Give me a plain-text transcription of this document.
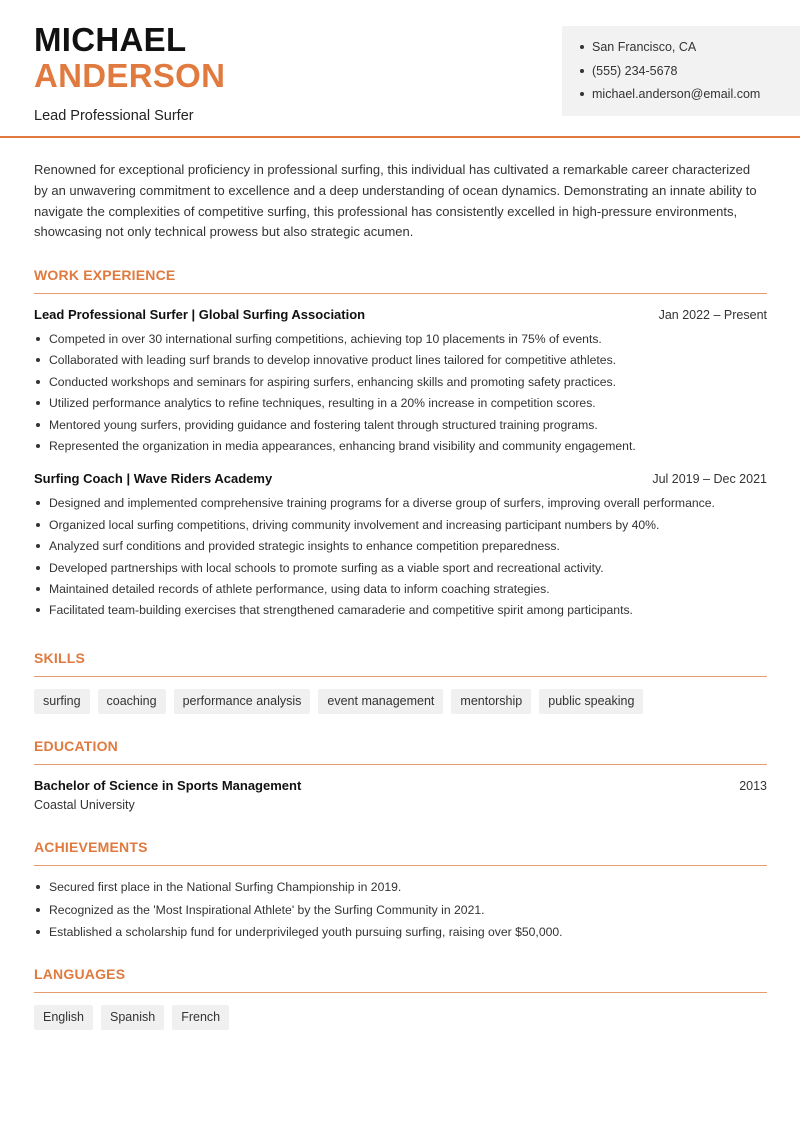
MICHAEL
ANDERSON
Lead Professional Surfer
San Francisco, CA
(555) 234-5678
michael.anderson@email.com

Renowned for exceptional proficiency in professional surfing, this individual has cultivated a remarkable career characterized by an unwavering commitment to excellence and a deep understanding of ocean dynamics. Demonstrating an innate ability to navigate the complexities of competitive surfing, this professional has consistently excelled in high-pressure environments, showcasing not only technical prowess but also strategic acumen.

WORK EXPERIENCE
Lead Professional Surfer | Global Surfing Association	Jan 2022 – Present
Competed in over 30 international surfing competitions, achieving top 10 placements in 75% of events.
Collaborated with leading surf brands to develop innovative product lines tailored for competitive athletes.
Conducted workshops and seminars for aspiring surfers, enhancing skills and promoting safety practices.
Utilized performance analytics to refine techniques, resulting in a 20% increase in competition scores.
Mentored young surfers, providing guidance and fostering talent through structured training programs.
Represented the organization in media appearances, enhancing brand visibility and community engagement.
Surfing Coach | Wave Riders Academy	Jul 2019 – Dec 2021
Designed and implemented comprehensive training programs for a diverse group of surfers, improving overall performance.
Organized local surfing competitions, driving community involvement and increasing participant numbers by 40%.
Analyzed surf conditions and provided strategic insights to enhance competition preparedness.
Developed partnerships with local schools to promote surfing as a viable sport and recreational activity.
Maintained detailed records of athlete performance, using data to inform coaching strategies.
Facilitated team-building exercises that strengthened camaraderie and competitive spirit among participants.
SKILLS
surfing	coaching	performance analysis	event management	mentorship	public speaking
EDUCATION
Bachelor of Science in Sports Management	2013
Coastal University
ACHIEVEMENTS
Secured first place in the National Surfing Championship in 2019.
Recognized as the 'Most Inspirational Athlete' by the Surfing Community in 2021.
Established a scholarship fund for underprivileged youth pursuing surfing, raising over $50,000.
LANGUAGES
English	Spanish	French
